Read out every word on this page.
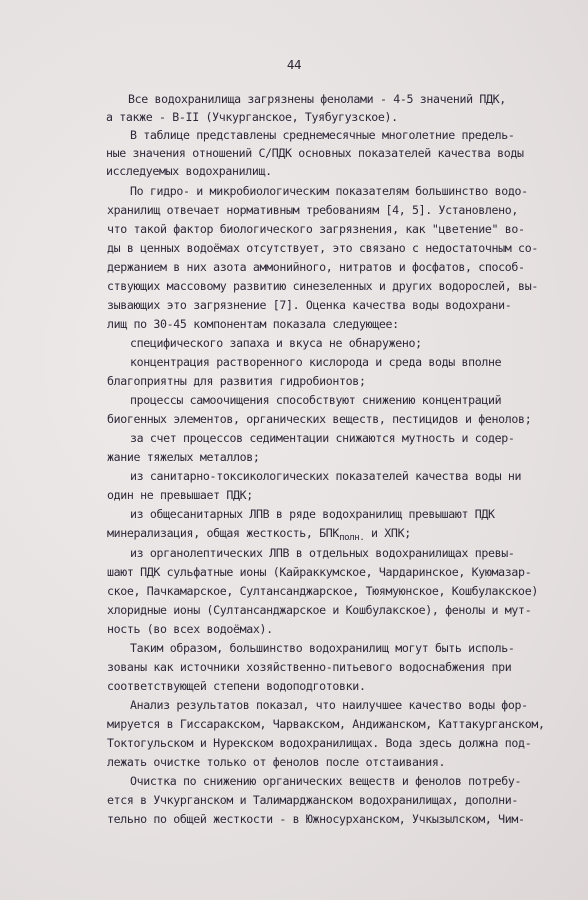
44
Все водохранилища загрязнены фенолами - 4-5 значений ПДК,
а также - В-II (Учкурганское, Туябугузское).
В таблице представлены среднемесячные многолетние предель-
ные значения отношений С/ПДК основных показателей качества воды
исследуемых водохранилищ.
По гидро- и микробиологическим показателям большинство водо-
хранилищ отвечает нормативным требованиям [4, 5]. Установлено,
что такой фактор биологического загрязнения, как "цветение" во-
ды в ценных водоёмах отсутствует, это связано с недостаточным со-
держанием в них азота аммонийного, нитратов и фосфатов, способ-
ствующих массовому развитию синезеленных и других водорослей, вы-
зывающих это загрязнение [7]. Оценка качества воды водохрани-
лищ по 30-45 компонентам показала следующее:
специфического запаха и вкуса не обнаружено;
концентрация растворенного кислорода и среда воды вполне
благоприятны для развития гидробионтов;
процессы самоочищения способствуют снижению концентраций
биогенных элементов, органических веществ, пестицидов и фенолов;
за счет процессов седиментации снижаются мутность и содер-
жание тяжелых металлов;
из санитарно-токсикологических показателей качества воды ни
один не превышает ПДК;
из общесанитарных ЛПВ в ряде водохранилищ превышают ПДК
минерализация, общая жесткость, $БПК_{полн.}$ и ХПК;
из органолептических ЛПВ в отдельных водохранилищах превы-
шают ПДК сульфатные ионы (Кайраккумское, Чардаринское, Куюмазар-
ское, Пачкамарское, Султансанджарское, Тюямуюнское, Кошбулакское)
хлоридные ионы (Султансанджарское и Кошбулакское), фенолы и мут-
ность (во всех водоёмах).
Таким образом, большинство водохранилищ могут быть исполь-
зованы как источники хозяйственно-питьевого водоснабжения при
соответствующей степени водоподготовки.
Анализ результатов показал, что наилучшее качество воды фор-
мируется в Гиссаракском, Чарвакском, Андижанском, Каттакурганском,
Токтогульском и Нурекском водохранилищах. Вода здесь должна под-
лежать очистке только от фенолов после отстаивания.
Очистка по снижению органических веществ и фенолов потребу-
ется в Учкурганском и Талимарджанском водохранилищах, дополни-
тельно по общей жесткости - в Южносурханском, Учкызылском, Чим-
